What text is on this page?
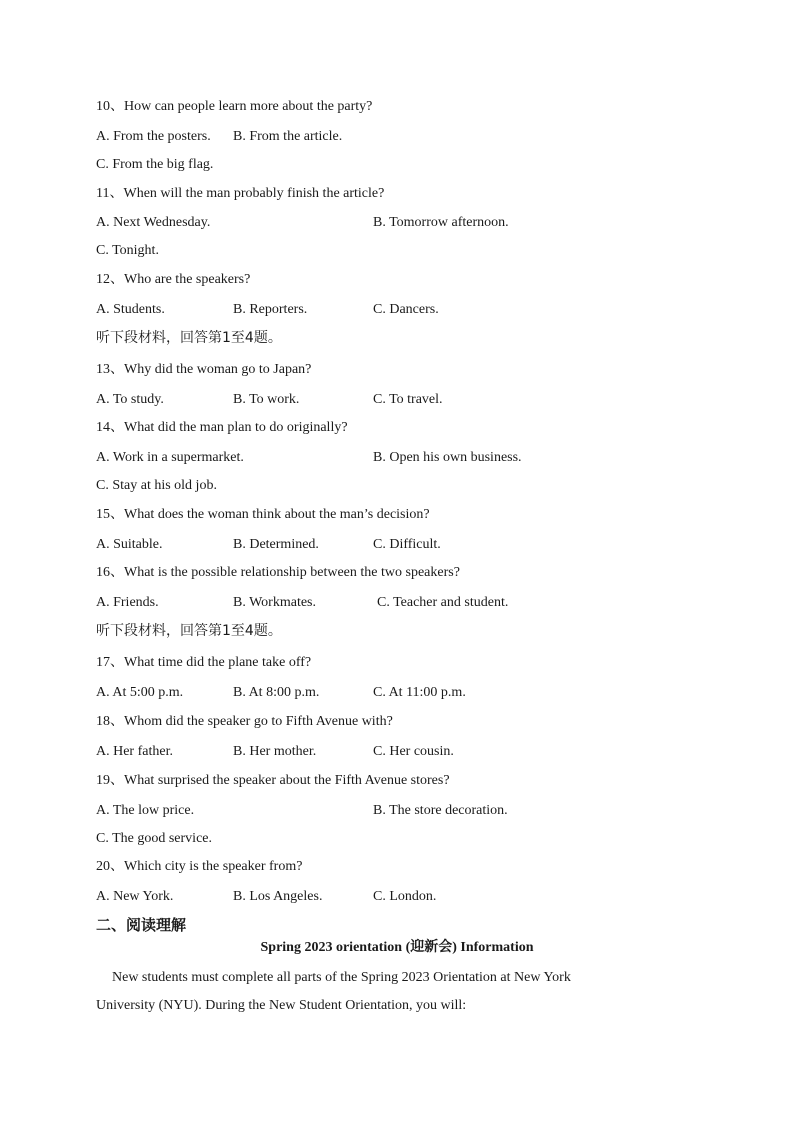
10、How can people learn more about the party?
A. From the posters. B. From the article.
C. From the big flag.
11、When will the man probably finish the article?
A. Next Wednesday.	B. Tomorrow afternoon.
C. Tonight.
12、Who are the speakers?
A. Students.	B. Reporters.	C. Dancers.
听下段材料，回答第1至4题。
13、Why did the woman go to Japan?
A. To study.	B. To work.	C. To travel.
14、What did the man plan to do originally?
A. Work in a supermarket.	B. Open his own business.
C. Stay at his old job.
15、What does the woman think about the man’s decision?
A. Suitable.	B. Determined.	C. Difficult.
16、What is the possible relationship between the two speakers?
A. Friends.	B. Workmates.	C. Teacher and student.
听下段材料，回答第1至4题。
17、What time did the plane take off?
A. At 5:00 p.m.	B. At 8:00 p.m.	C. At 11:00 p.m.
18、Whom did the speaker go to Fifth Avenue with?
A. Her father.	B. Her mother.	C. Her cousin.
19、What surprised the speaker about the Fifth Avenue stores?
A. The low price.	B. The store decoration.
C. The good service.
20、Which city is the speaker from?
A. New York.	B. Los Angeles.	C. London.
二、阅读理解
Spring 2023 orientation (迎新会) Information
New students must complete all parts of the Spring 2023 Orientation at New York
University (NYU). During the New Student Orientation, you will:
